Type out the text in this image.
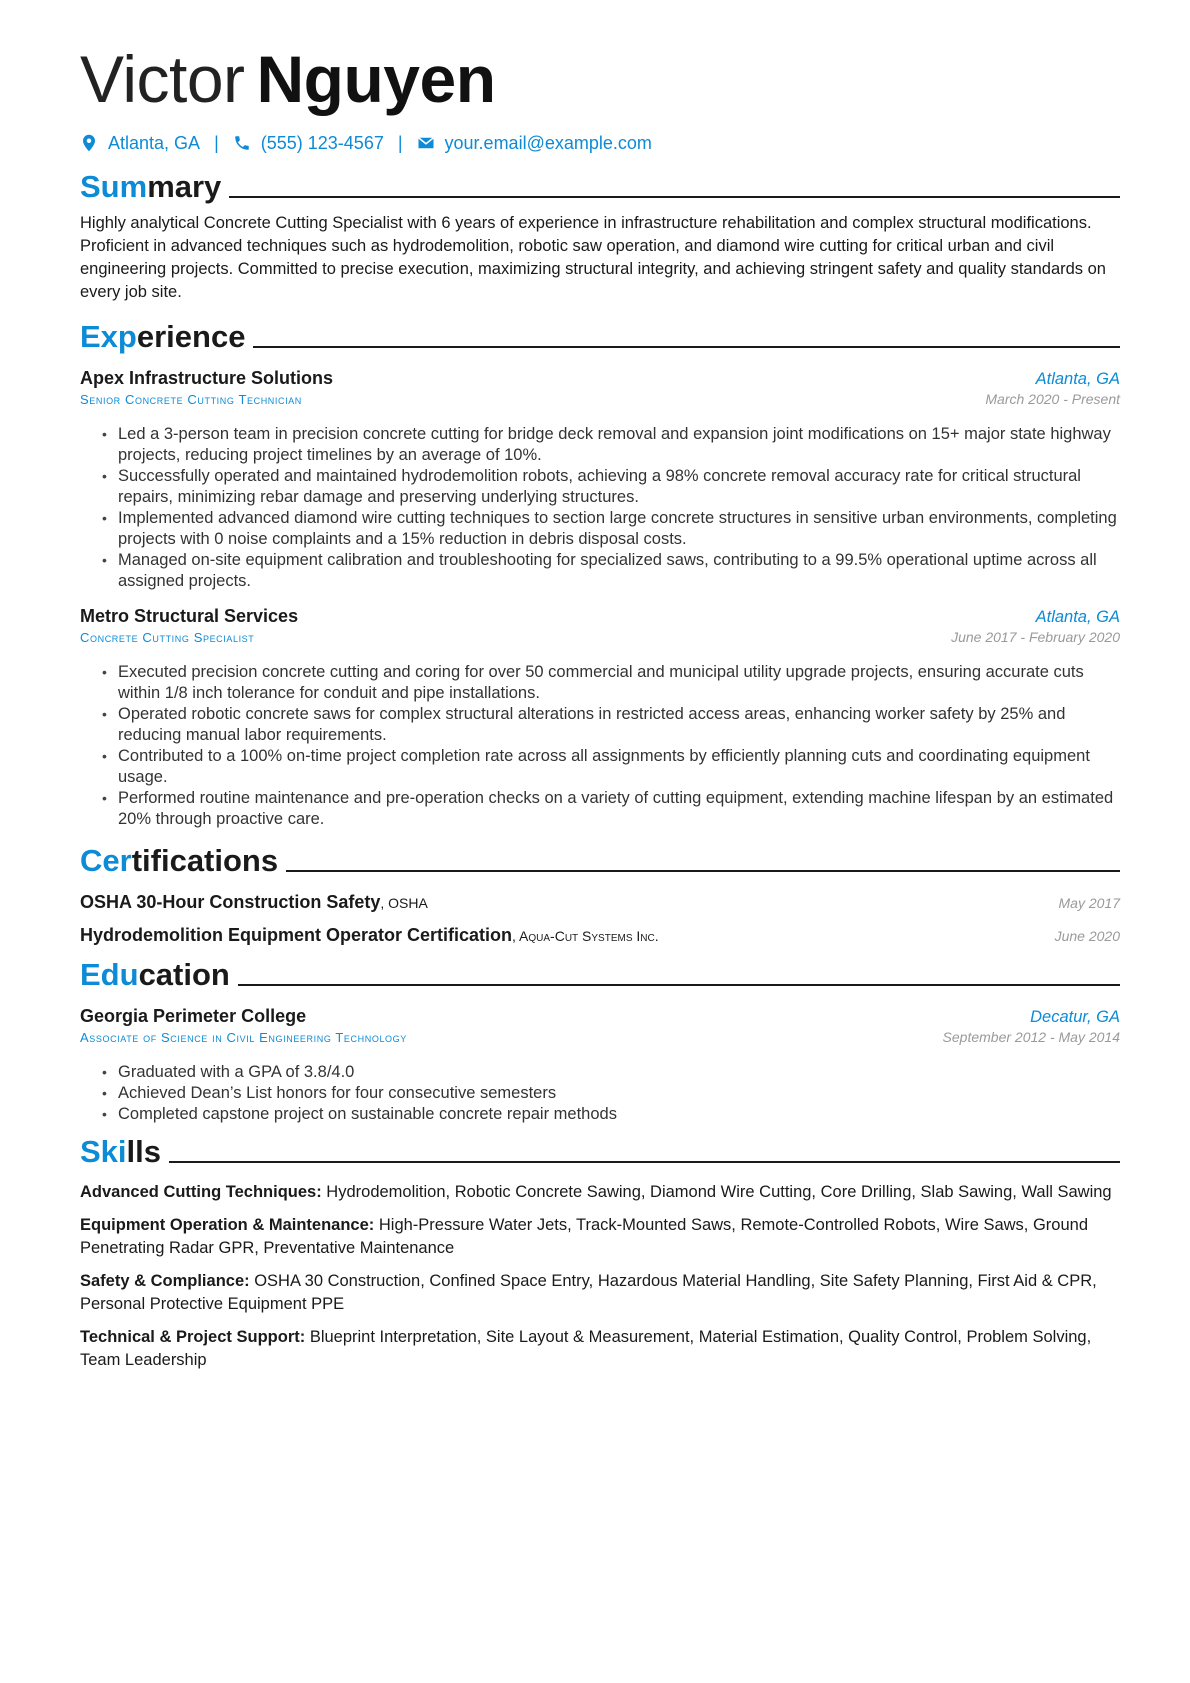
Victor Nguyen
Atlanta, GA | (555) 123-4567 | your.email@example.com
Summary
Highly analytical Concrete Cutting Specialist with 6 years of experience in infrastructure rehabilitation and complex structural modifications. Proficient in advanced techniques such as hydrodemolition, robotic saw operation, and diamond wire cutting for critical urban and civil engineering projects. Committed to precise execution, maximizing structural integrity, and achieving stringent safety and quality standards on every job site.
Experience
Apex Infrastructure Solutions	Atlanta, GA
Senior Concrete Cutting Technician	March 2020 - Present
• Led a 3-person team in precision concrete cutting for bridge deck removal and expansion joint modifications on 15+ major state highway projects, reducing project timelines by an average of 10%.
• Successfully operated and maintained hydrodemolition robots, achieving a 98% concrete removal accuracy rate for critical structural repairs, minimizing rebar damage and preserving underlying structures.
• Implemented advanced diamond wire cutting techniques to section large concrete structures in sensitive urban environments, completing projects with 0 noise complaints and a 15% reduction in debris disposal costs.
• Managed on-site equipment calibration and troubleshooting for specialized saws, contributing to a 99.5% operational uptime across all assigned projects.
Metro Structural Services	Atlanta, GA
Concrete Cutting Specialist	June 2017 - February 2020
• Executed precision concrete cutting and coring for over 50 commercial and municipal utility upgrade projects, ensuring accurate cuts within 1/8 inch tolerance for conduit and pipe installations.
• Operated robotic concrete saws for complex structural alterations in restricted access areas, enhancing worker safety by 25% and reducing manual labor requirements.
• Contributed to a 100% on-time project completion rate across all assignments by efficiently planning cuts and coordinating equipment usage.
• Performed routine maintenance and pre-operation checks on a variety of cutting equipment, extending machine lifespan by an estimated 20% through proactive care.
Certifications
OSHA 30-Hour Construction Safety, OSHA	May 2017
Hydrodemolition Equipment Operator Certification, Aqua-Cut Systems Inc.	June 2020
Education
Georgia Perimeter College	Decatur, GA
Associate of Science in Civil Engineering Technology	September 2012 - May 2014
• Graduated with a GPA of 3.8/4.0
• Achieved Dean’s List honors for four consecutive semesters
• Completed capstone project on sustainable concrete repair methods
Skills
Advanced Cutting Techniques: Hydrodemolition, Robotic Concrete Sawing, Diamond Wire Cutting, Core Drilling, Slab Sawing, Wall Sawing
Equipment Operation & Maintenance: High-Pressure Water Jets, Track-Mounted Saws, Remote-Controlled Robots, Wire Saws, Ground Penetrating Radar GPR, Preventative Maintenance
Safety & Compliance: OSHA 30 Construction, Confined Space Entry, Hazardous Material Handling, Site Safety Planning, First Aid & CPR, Personal Protective Equipment PPE
Technical & Project Support: Blueprint Interpretation, Site Layout & Measurement, Material Estimation, Quality Control, Problem Solving, Team Leadership
